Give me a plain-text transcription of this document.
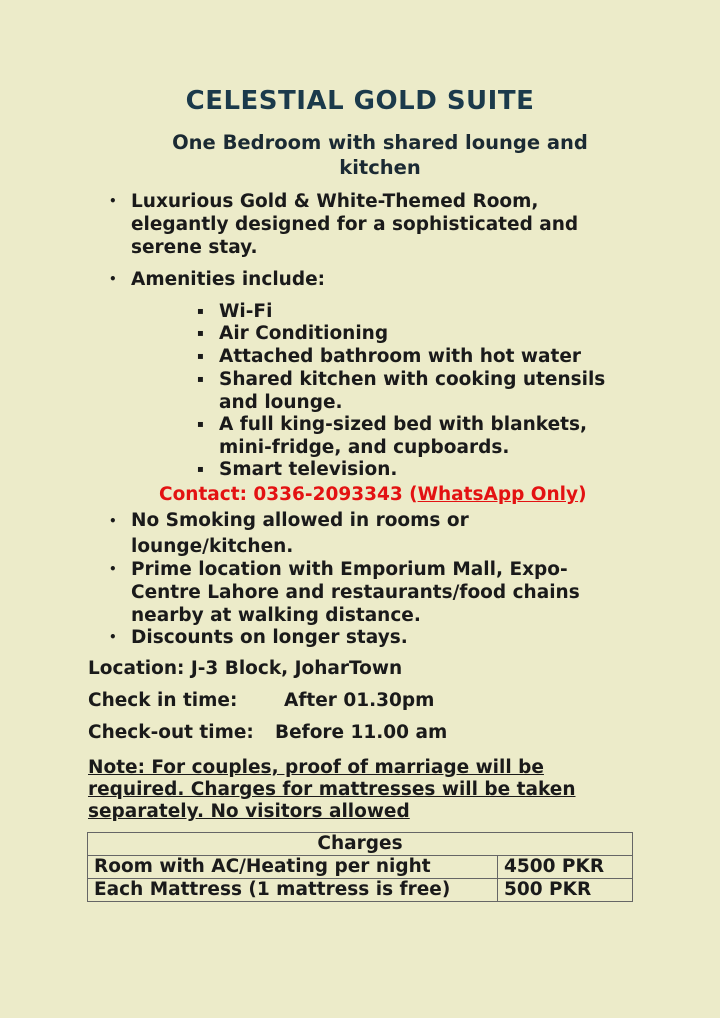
CELESTIAL GOLD SUITE
One Bedroom with shared lounge and kitchen
• Luxurious Gold & White-Themed Room, elegantly designed for a sophisticated and serene stay.
• Amenities include:
▪ Wi-Fi
▪ Air Conditioning
▪ Attached bathroom with hot water
▪ Shared kitchen with cooking utensils and lounge.
▪ A full king-sized bed with blankets, mini-fridge, and cupboards.
▪ Smart television.
Contact: 0336-2093343 (WhatsApp Only)
• No Smoking allowed in rooms or lounge/kitchen.
• Prime location with Emporium Mall, Expo-Centre Lahore and restaurants/food chains nearby at walking distance.
• Discounts on longer stays.
Location: J-3 Block, JoharTown
Check in time:	After 01.30pm
Check-out time: Before 11.00 am
Note: For couples, proof of marriage will be required. Charges for mattresses will be taken separately. No visitors allowed
Charges	
Room with AC/Heating per night	4500 PKR
Each Mattress (1 mattress is free)	500 PKR
